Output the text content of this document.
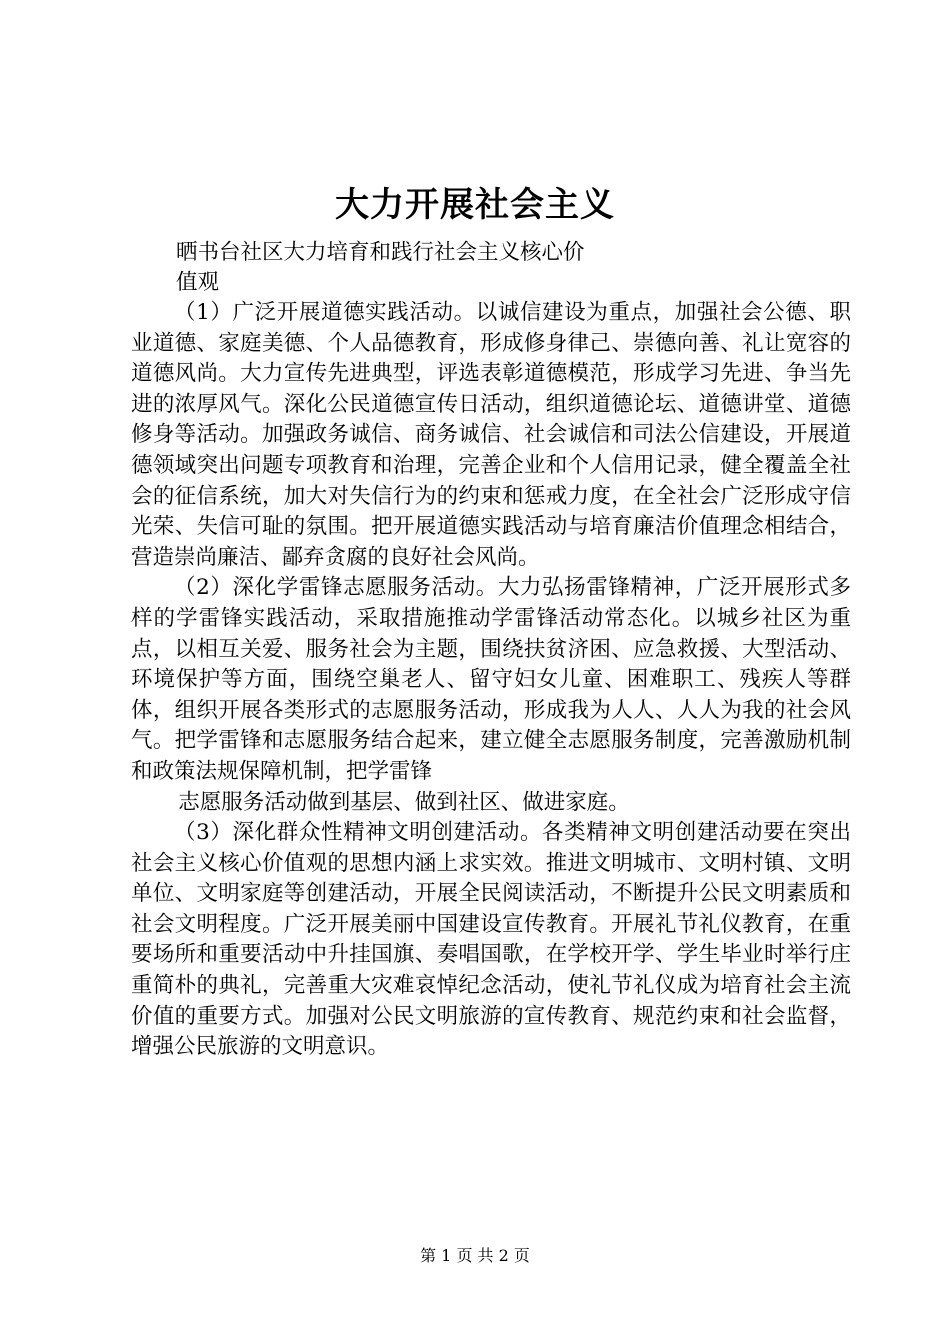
大力开展社会主义
晒书台社区大力培育和践行社会主义核心价值观

（1）广泛开展道德实践活动。以诚信建设为重点，加强社会公德、职业道德、家庭美德、个人品德教育，形成修身律己、崇德向善、礼让宽容的道德风尚。大力宣传先进典型，评选表彰道德模范，形成学习先进、争当先进的浓厚风气。深化公民道德宣传日活动，组织道德论坛、道德讲堂、道德修身等活动。加强政务诚信、商务诚信、社会诚信和司法公信建设，开展道德领域突出问题专项教育和治理，完善企业和个人信用记录，健全覆盖全社会的征信系统，加大对失信行为的约束和惩戒力度，在全社会广泛形成守信光荣、失信可耻的氛围。把开展道德实践活动与培育廉洁价值理念相结合，营造崇尚廉洁、鄙弃贪腐的良好社会风尚。

（2）深化学雷锋志愿服务活动。大力弘扬雷锋精神，广泛开展形式多样的学雷锋实践活动，采取措施推动学雷锋活动常态化。以城乡社区为重点，以相互关爱、服务社会为主题，围绕扶贫济困、应急救援、大型活动、环境保护等方面，围绕空巢老人、留守妇女儿童、困难职工、残疾人等群体，组织开展各类形式的志愿服务活动，形成我为人人、人人为我的社会风气。把学雷锋和志愿服务结合起来，建立健全志愿服务制度，完善激励机制和政策法规保障机制，把学雷锋

志愿服务活动做到基层、做到社区、做进家庭。

（3）深化群众性精神文明创建活动。各类精神文明创建活动要在突出社会主义核心价值观的思想内涵上求实效。推进文明城市、文明村镇、文明单位、文明家庭等创建活动，开展全民阅读活动，不断提升公民文明素质和社会文明程度。广泛开展美丽中国建设宣传教育。开展礼节礼仪教育，在重要场所和重要活动中升挂国旗、奏唱国歌，在学校开学、学生毕业时举行庄重简朴的典礼，完善重大灾难哀悼纪念活动，使礼节礼仪成为培育社会主流价值的重要方式。加强对公民文明旅游的宣传教育、规范约束和社会监督，增强公民旅游的文明意识。

第 1 页 共 2 页
